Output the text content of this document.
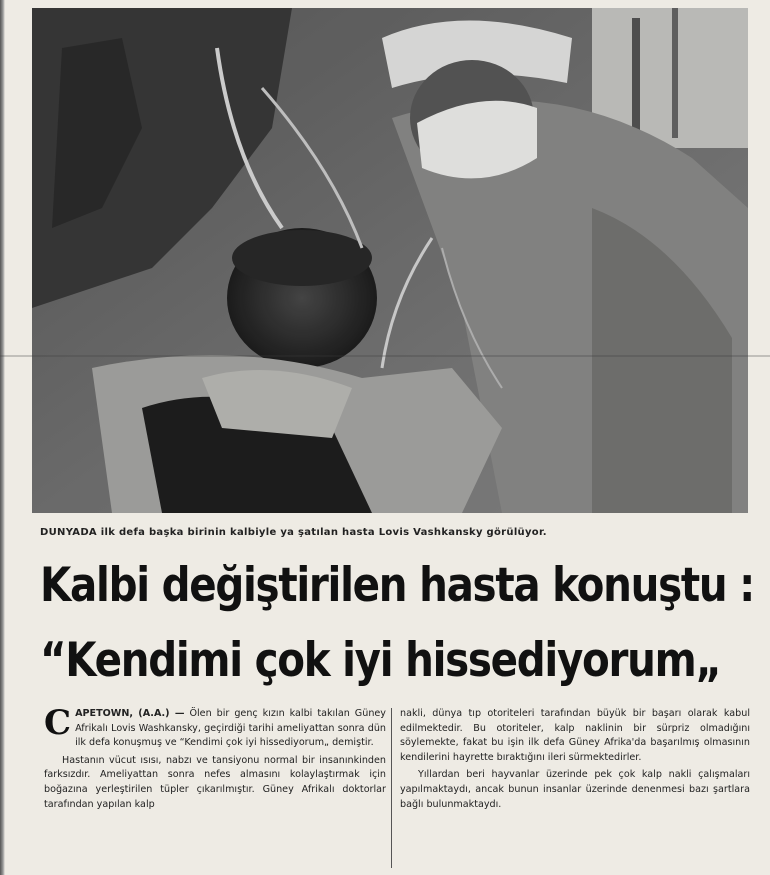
DÜNYADA ilk defa başka birinin kalbiyle ya şatılan hasta Lovis Vashkansky görülüyor.
Kalbi değiştirilen hasta konuştu :
“Kendimi çok iyi hissediyorum„

C APETOWN, (A.A.) — Ölen bir genç kızın kalbi takılan Güney Afrikalı Lovis Washkansky, geçirdiği tarihi ameliyattan sonra dün ilk defa konuşmuş ve “Kendimi çok iyi hissediyorum„ demiştir.

Hastanın vücut ısısı, nabzı ve tansiyonu normal bir insanınkinden farksızdır. Ameliyattan sonra nefes almasını kolaylaştırmak için boğazına yerleştirilen tüpler çıkarılmıştır. Güney Afrikalı doktorlar tarafından yapılan kalp

nakli, dünya tıp otoriteleri tarafından büyük bir başarı olarak kabul edilmektedir. Bu otoriteler, kalp naklinin bir sürpriz olmadığını söylemekte, fakat bu işin ilk defa Güney Afrika'da başarılmış olmasının kendilerini hayrette bıraktığını ileri sürmektedirler.

Yıllardan beri hayvanlar üzerinde pek çok kalp nakli çalışmaları yapılmaktaydı, ancak bunun insanlar üzerinde denenmesi bazı şartlara bağlı bulunmaktaydı.
